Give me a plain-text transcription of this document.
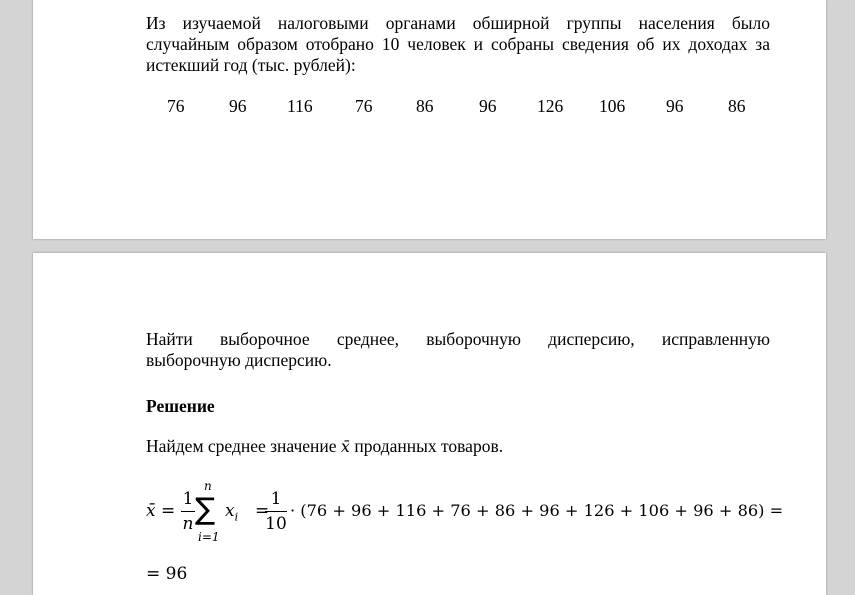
Из изучаемой налоговыми органами обширной группы населения было
случайным образом отобрано 10 человек и собраны сведения об их доходах за
истекший год (тыс. рублей):

76	96 116 76 86	96 126 106 96	86

Найти выборочное среднее, выборочную дисперсию, исправленную
выборочную дисперсию.

Решение

Найдем среднее значение x̄ проданных товаров.

x̄ =
1
n
n
∑
i=1
$x_i$ =
1
10
· (76 + 96 + 116 + 76 + 86 + 96 + 126 + 106 + 96 + 86) =
= 96
